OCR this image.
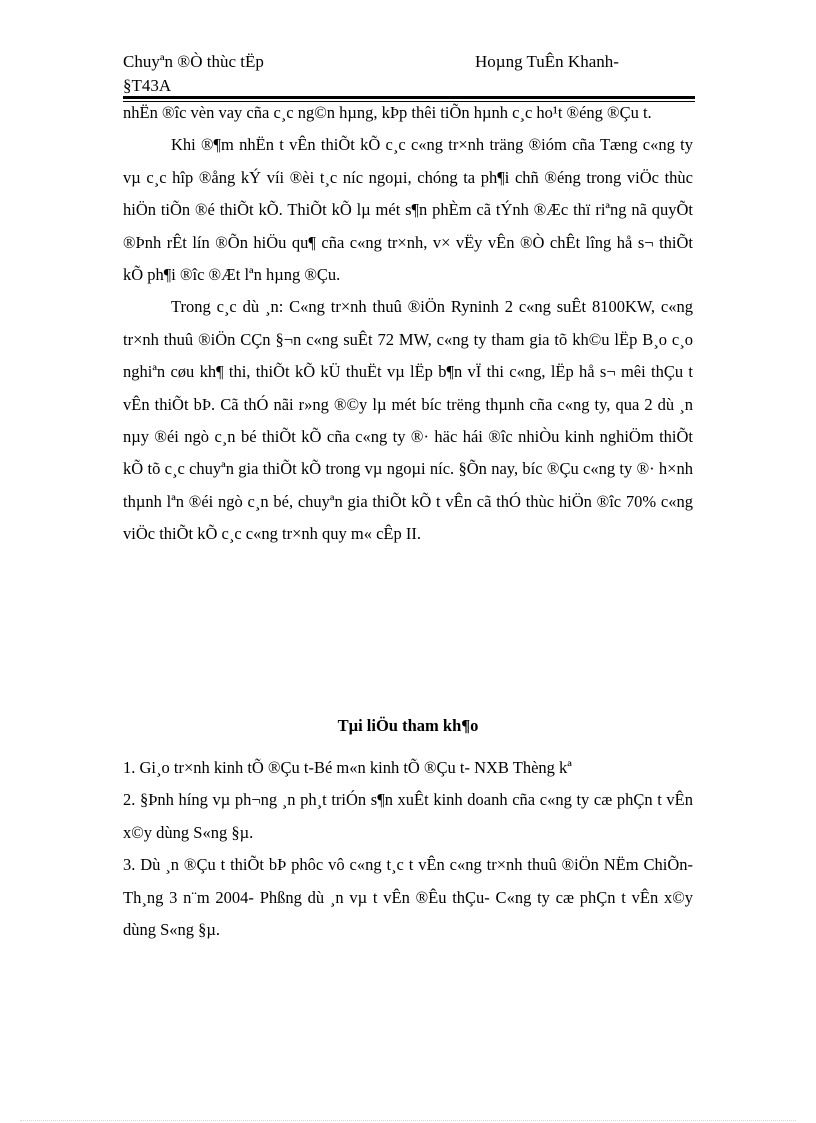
Chuyªn ®Ò thùc tËp
§T43A
Hoµng TuÊn Khanh-

nhËn ®îc vèn vay cña c¸c ng©n hµng, kÞp thêi tiÕn hµnh c¸c ho¹t ®éng ®Çu t.

Khi ®¶m nhËn t vÊn thiÕt kÕ c¸c c«ng tr×nh träng ®ióm cña Tæng c«ng ty vµ c¸c hîp ®ång kÝ víi ®èi t¸c níc ngoµi, chóng ta ph¶i chñ ®éng trong viÖc thùc hiÖn tiÕn ®é thiÕt kÕ. ThiÕt kÕ lµ mét s¶n phÈm cã tÝnh ®Æc thï riªng nã quyÕt ®Þnh rÊt lín ®Õn hiÖu qu¶ cña c«ng tr×nh, v× vËy vÊn ®Ò chÊt lîng hå s¬ thiÕt kÕ ph¶i ®îc ®Æt lªn hµng ®Çu.

Trong c¸c dù ¸n: C«ng tr×nh thuû ®iÖn Ryninh 2 c«ng suÊt 8100KW, c«ng tr×nh thuû ®iÖn CÇn §¬n c«ng suÊt 72 MW, c«ng ty tham gia tõ kh©u lËp B¸o c¸o nghiªn cøu kh¶ thi, thiÕt kÕ kÜ thuËt vµ lËp b¶n vÏ thi c«ng, lËp hå s¬ mêi thÇu t vÊn thiÕt bÞ. Cã thÓ nãi r»ng ®©y lµ mét bíc trëng thµnh cña c«ng ty, qua 2 dù ¸n nµy ®éi ngò c¸n bé thiÕt kÕ cña c«ng ty ®· häc hái ®îc nhiÒu kinh nghiÖm thiÕt kÕ tõ c¸c chuyªn gia thiÕt kÕ trong vµ ngoµi níc. §Õn nay, bíc ®Çu c«ng ty ®· h×nh thµnh lªn ®éi ngò c¸n bé, chuyªn gia thiÕt kÕ t vÊn cã thÓ thùc hiÖn ®îc 70% c«ng viÖc thiÕt kÕ c¸c c«ng tr×nh quy m« cÊp II.

Tµi liÖu tham kh¶o

1. Gi¸o tr×nh kinh tÕ ®Çu t-Bé m«n kinh tÕ ®Çu t- NXB Thèng kª

2. §Þnh híng vµ ph¬ng ¸n ph¸t triÓn s¶n xuÊt kinh doanh cña c«ng ty cæ phÇn t vÊn x©y dùng S«ng §µ.

3. Dù ¸n ®Çu t thiÕt bÞ phôc vô c«ng t¸c t vÊn c«ng tr×nh thuû ®iÖn NËm ChiÕn-Th¸ng 3 n¨m 2004- Phßng dù ¸n vµ t vÊn ®Êu thÇu- C«ng ty cæ phÇn t vÊn x©y dùng S«ng §µ.
